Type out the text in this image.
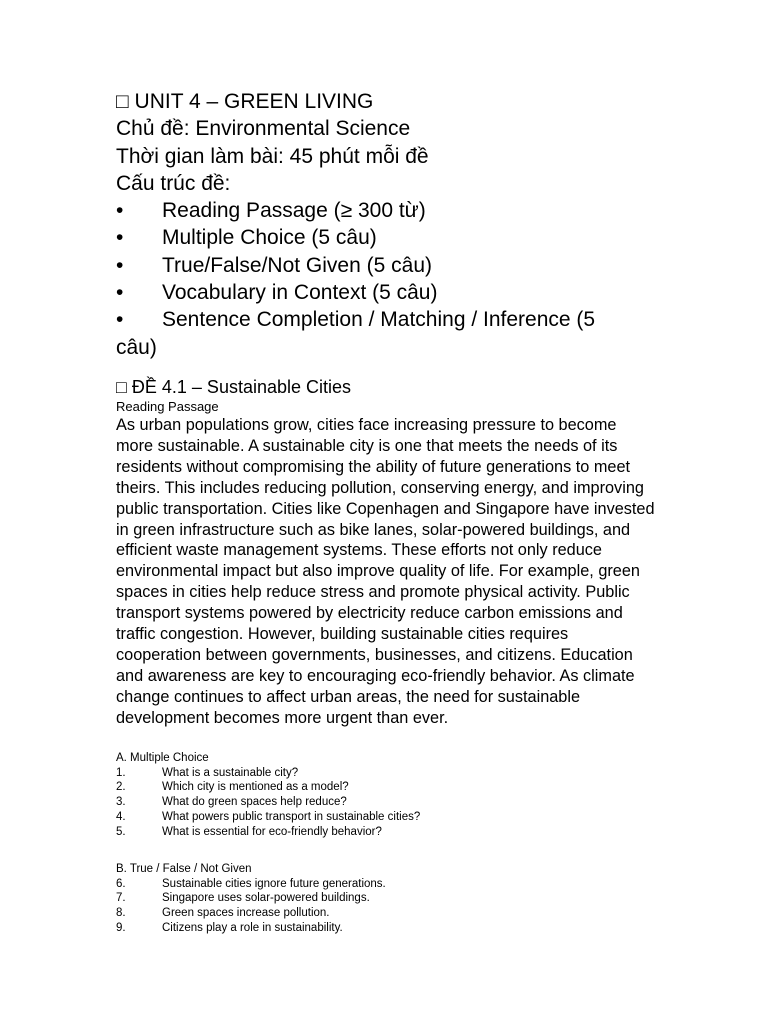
□ UNIT 4 – GREEN LIVING
Chủ đề: Environmental Science
Thời gian làm bài: 45 phút mỗi đề
Cấu trúc đề:
•	Reading Passage (≥ 300 từ)
•	Multiple Choice (5 câu)
•	True/False/Not Given (5 câu)
•	Vocabulary in Context (5 câu)
•	Sentence Completion / Matching / Inference (5
câu)
□ ĐỀ 4.1 – Sustainable Cities
Reading Passage
As urban populations grow, cities face increasing pressure to become more sustainable. A sustainable city is one that meets the needs of its residents without compromising the ability of future generations to meet theirs. This includes reducing pollution, conserving energy, and improving public transportation. Cities like Copenhagen and Singapore have invested in green infrastructure such as bike lanes, solar-powered buildings, and efficient waste management systems. These efforts not only reduce environmental impact but also improve quality of life. For example, green spaces in cities help reduce stress and promote physical activity. Public transport systems powered by electricity reduce carbon emissions and traffic congestion. However, building sustainable cities requires cooperation between governments, businesses, and citizens. Education and awareness are key to encouraging eco-friendly behavior. As climate change continues to affect urban areas, the need for sustainable development becomes more urgent than ever.
A. Multiple Choice
1.	What is a sustainable city?
2.	Which city is mentioned as a model?
3.	What do green spaces help reduce?
4.	What powers public transport in sustainable cities?
5.	What is essential for eco-friendly behavior?
B. True / False / Not Given
6.	Sustainable cities ignore future generations.
7.	Singapore uses solar-powered buildings.
8.	Green spaces increase pollution.
9.	Citizens play a role in sustainability.
